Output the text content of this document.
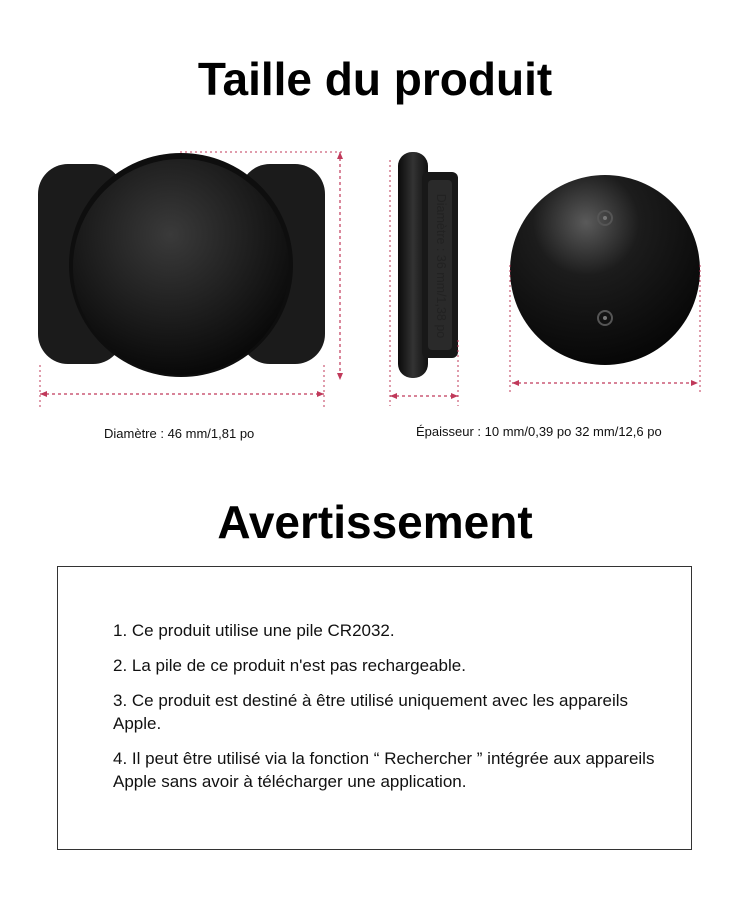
Taille du produit
Diamètre : 36 mm/1,38 po
Diamètre : 46 mm/1,81 po	Épaisseur : 10 mm/0,39 po 32 mm/12,6 po
Avertissement

1. Ce produit utilise une pile CR2032.

2. La pile de ce produit n'est pas rechargeable.

3. Ce produit est destiné à être utilisé uniquement avec les appareils Apple.

4. Il peut être utilisé via la fonction “ Rechercher ” intégrée aux appareils Apple sans avoir à télécharger une application.
